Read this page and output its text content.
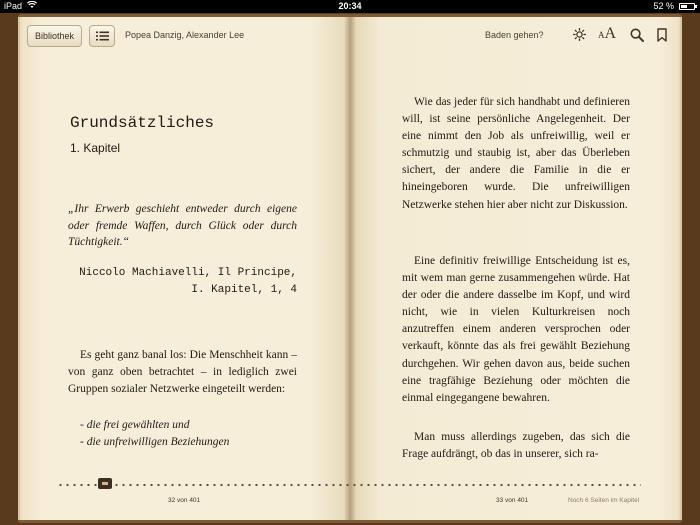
iPad	20:34	52 %
Bibliothek	Popea Danzig, Alexander Lee	Baden gehen?	AA
Grundsätzliches
1. Kapitel
„Ihr Erwerb geschieht entweder durch eigene oder fremde Waffen, durch Glück oder durch Tüchtigkeit.“
Niccolo Machiavelli, Il Principe, I. Kapitel, 1, 4
Es geht ganz banal los: Die Menschheit kann – von ganz oben betrachtet – in lediglich zwei Gruppen sozialer Netzwerke eingeteilt werden:
- die frei gewählten und
- die unfreiwilligen Beziehungen
Wie das jeder für sich handhabt und definieren will, ist seine persönliche Angelegenheit. Der eine nimmt den Job als unfreiwillig, weil er schmutzig und staubig ist, aber das Überleben sichert, der andere die Familie in die er hineingeboren wurde. Die unfreiwilligen Netzwerke stehen hier aber nicht zur Diskussion.
Eine definitiv freiwillige Entscheidung ist es, mit wem man gerne zusammengehen würde. Hat der oder die andere dasselbe im Kopf, und wird nicht, wie in vielen Kulturkreisen noch anzutreffen einem anderen versprochen oder verkauft, könnte das als frei gewählt Beziehung durchgehen. Wir gehen davon aus, beide suchen eine tragfähige Beziehung oder möchten die einmal eingegangene bewahren.
Man muss allerdings zugeben, das sich die Frage aufdrängt, ob das in unserer, sich ra-
32 von 401	33 von 401	Noch 6 Seiten im Kapitel
